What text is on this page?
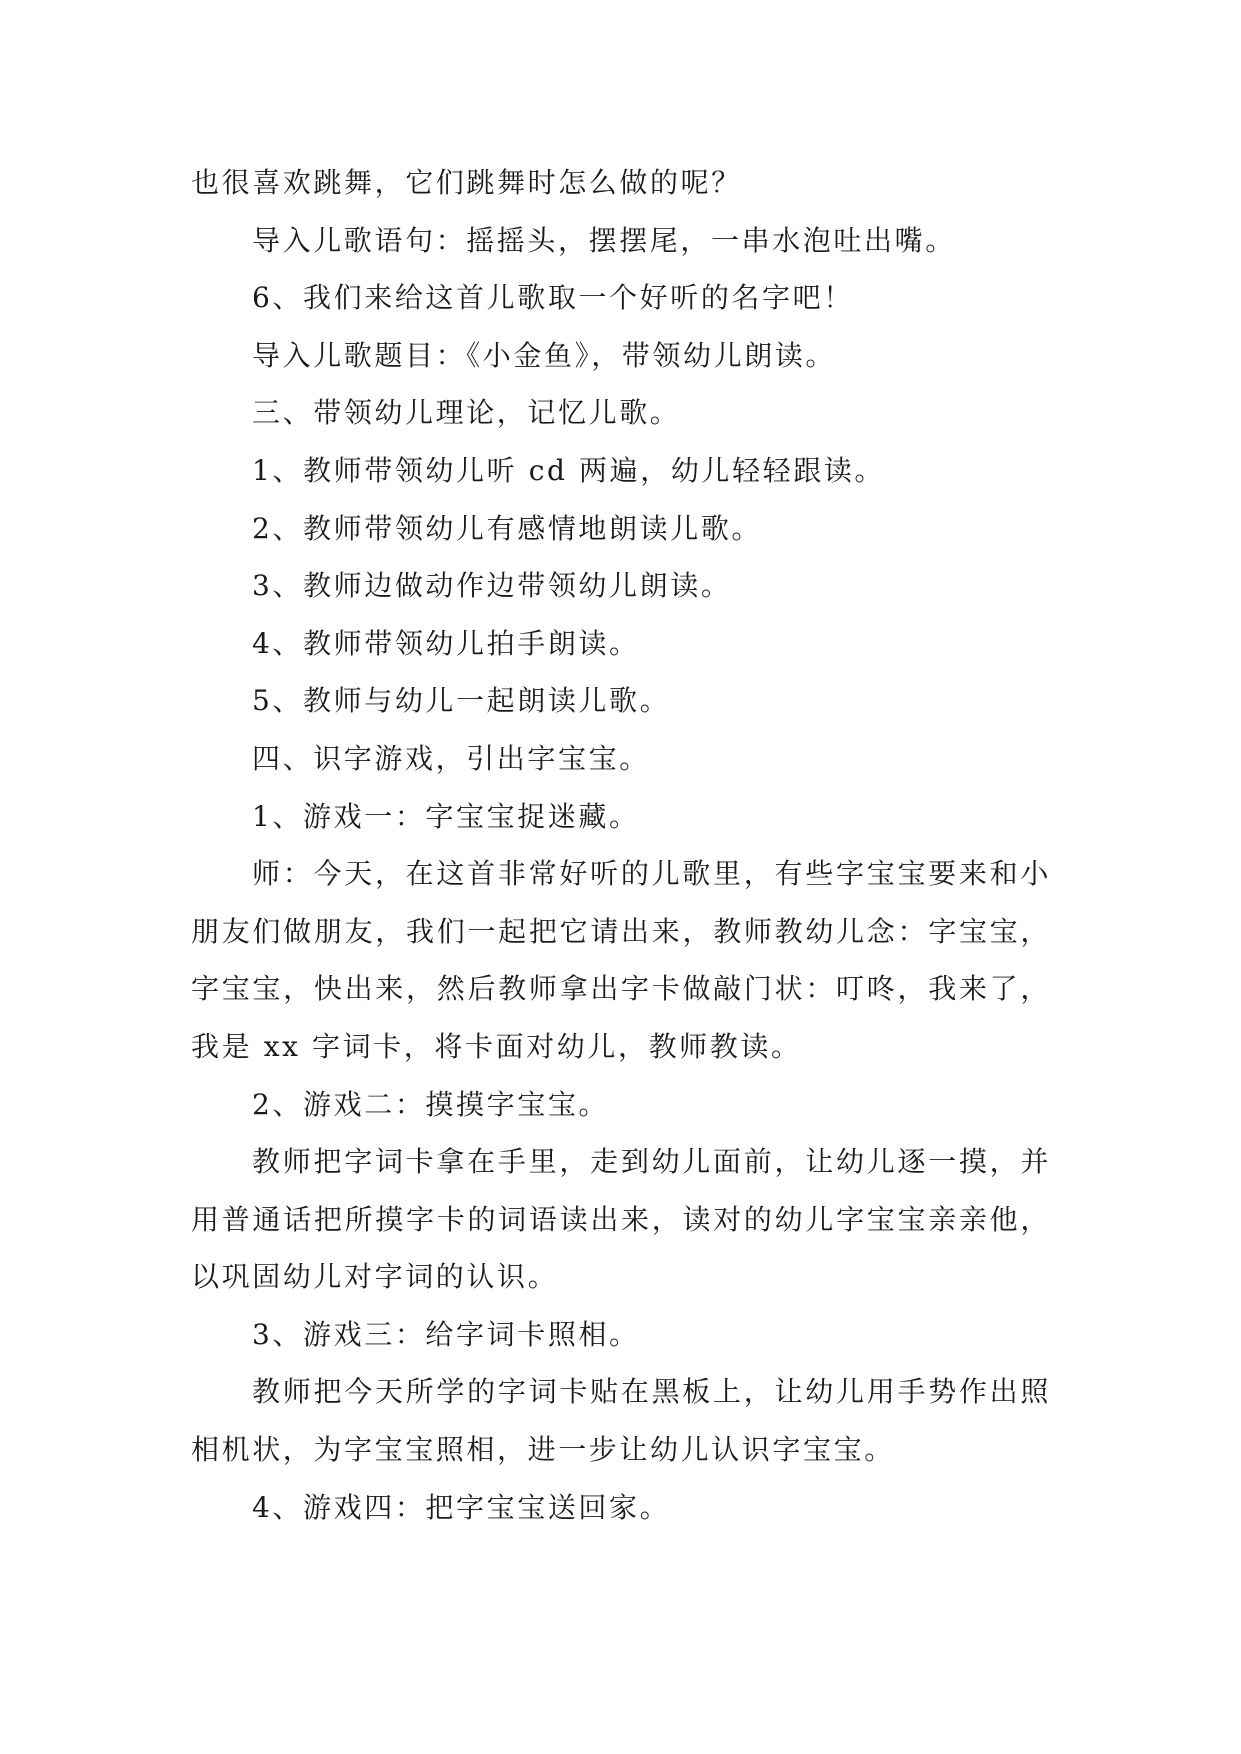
也很喜欢跳舞，它们跳舞时怎么做的呢？

导入儿歌语句：摇摇头，摆摆尾，一串水泡吐出嘴。

6、我们来给这首儿歌取一个好听的名字吧！

导入儿歌题目：《小金鱼》，带领幼儿朗读。

三、带领幼儿理论，记忆儿歌。

1、教师带领幼儿听 cd 两遍，幼儿轻轻跟读。

2、教师带领幼儿有感情地朗读儿歌。

3、教师边做动作边带领幼儿朗读。

4、教师带领幼儿拍手朗读。

5、教师与幼儿一起朗读儿歌。

四、识字游戏，引出字宝宝。

1、游戏一：字宝宝捉迷藏。

师：今天，在这首非常好听的儿歌里，有些字宝宝要来和小朋友们做朋友，我们一起把它请出来，教师教幼儿念：字宝宝，字宝宝，快出来，然后教师拿出字卡做敲门状：叮咚，我来了，我是 xx 字词卡，将卡面对幼儿，教师教读。

2、游戏二：摸摸字宝宝。

教师把字词卡拿在手里，走到幼儿面前，让幼儿逐一摸，并用普通话把所摸字卡的词语读出来，读对的幼儿字宝宝亲亲他，以巩固幼儿对字词的认识。

3、游戏三：给字词卡照相。

教师把今天所学的字词卡贴在黑板上，让幼儿用手势作出照相机状，为字宝宝照相，进一步让幼儿认识字宝宝。

4、游戏四：把字宝宝送回家。
